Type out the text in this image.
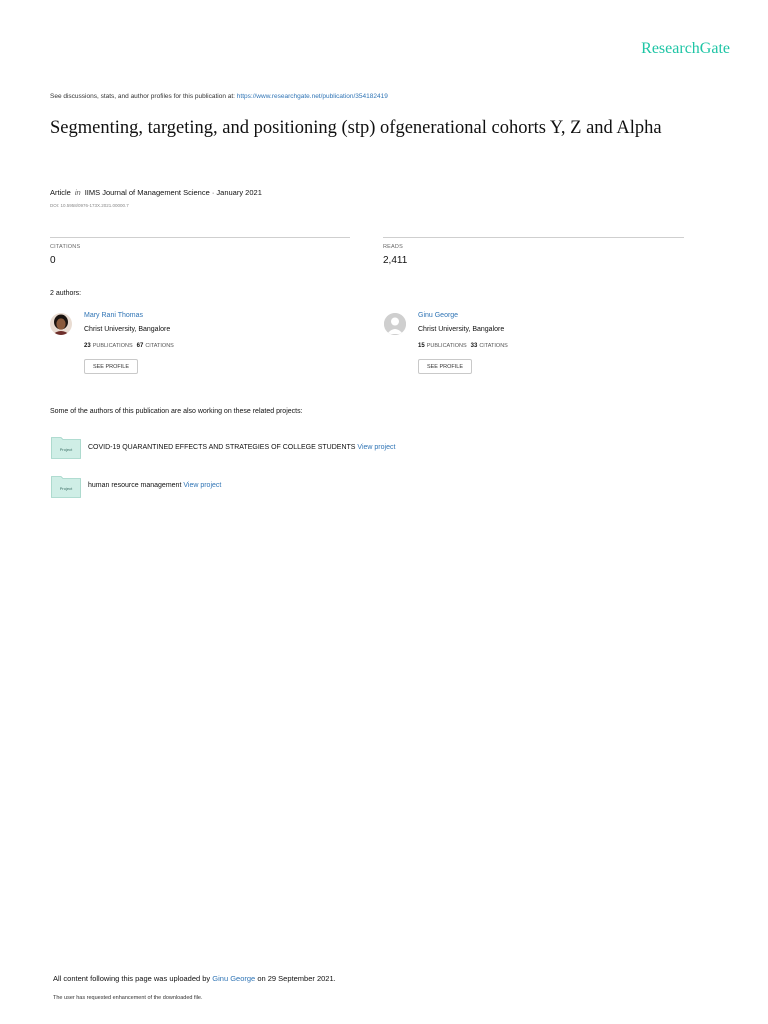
ResearchGate
See discussions, stats, and author profiles for this publication at: https://www.researchgate.net/publication/354182419
Segmenting, targeting, and positioning (stp) ofgenerational cohorts Y, Z and Alpha
Article in IIMS Journal of Management Science · January 2021
DOI: 10.5958/0976-173X.2021.00000.7
CITATIONS
0
READS
2,411
2 authors:
Mary Rani Thomas
Christ University, Bangalore
23 PUBLICATIONS 67 CITATIONS
SEE PROFILE
Ginu George
Christ University, Bangalore
15 PUBLICATIONS 33 CITATIONS
SEE PROFILE
Some of the authors of this publication are also working on these related projects:
Project COVID-19 QUARANTINED EFFECTS AND STRATEGIES OF COLLEGE STUDENTS View project
Project human resource management View project
All content following this page was uploaded by Ginu George on 29 September 2021.
The user has requested enhancement of the downloaded file.
